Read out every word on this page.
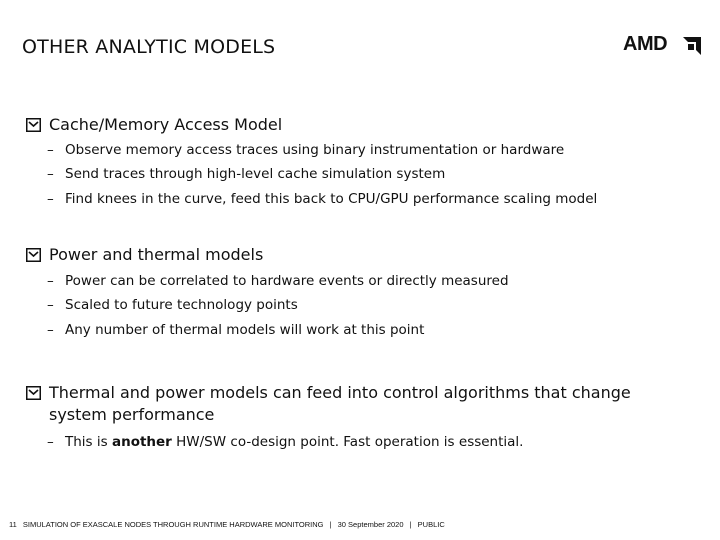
OTHER ANALYTIC MODELS	AMD
Cache/Memory Access Model
– Observe memory access traces using binary instrumentation or hardware
– Send traces through high-level cache simulation system
– Find knees in the curve, feed this back to CPU/GPU performance scaling model
Power and thermal models
– Power can be correlated to hardware events or directly measured
– Scaled to future technology points
– Any number of thermal models will work at this point
Thermal and power models can feed into control algorithms that change
system performance
– This is another HW/SW co-design point. Fast operation is essential.
11 SIMULATION OF EXASCALE NODES THROUGH RUNTIME HARDWARE MONITORING | 30 September 2020 | PUBLIC
